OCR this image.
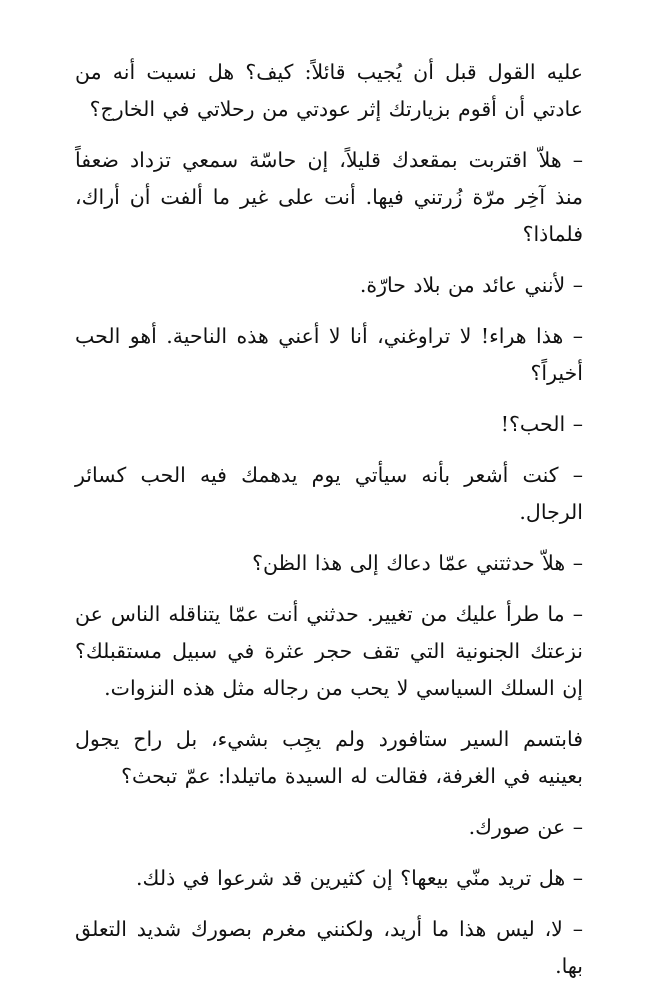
عليه القول قبل أن يُجيب قائلاً: كيف؟ هل نسيت أنه من عادتي أن أقوم بزيارتك إثر عودتي من رحلاتي في الخارج؟

– هلاّ اقتربت بمقعدك قليلاً، إن حاسّة سمعي تزداد ضعفاً منذ آخِر مرّة زُرتني فيها. أنت على غير ما ألفت أن أراك، فلماذا؟

– لأنني عائد من بلاد حارّة.

– هذا هراء! لا تراوغني، أنا لا أعني هذه الناحية. أهو الحب أخيراً؟

– الحب؟!

– كنت أشعر بأنه سيأتي يوم يدهمك فيه الحب كسائر الرجال.

– هلاّ حدثتني عمّا دعاك إلى هذا الظن؟

– ما طرأ عليك من تغيير. حدثني أنت عمّا يتناقله الناس عن نزعتك الجنونية التي تقف حجر عثرة في سبيل مستقبلك؟ إن السلك السياسي لا يحب من رجاله مثل هذه النزوات.

فابتسم السير ستافورد ولم يجِب بشيء، بل راح يجول بعينيه في الغرفة، فقالت له السيدة ماتيلدا: عمّ تبحث؟

– عن صورك.

– هل تريد منّي بيعها؟ إن كثيرين قد شرعوا في ذلك.

– لا، ليس هذا ما أريد، ولكنني مغرم بصورك شديد التعلق بها.
